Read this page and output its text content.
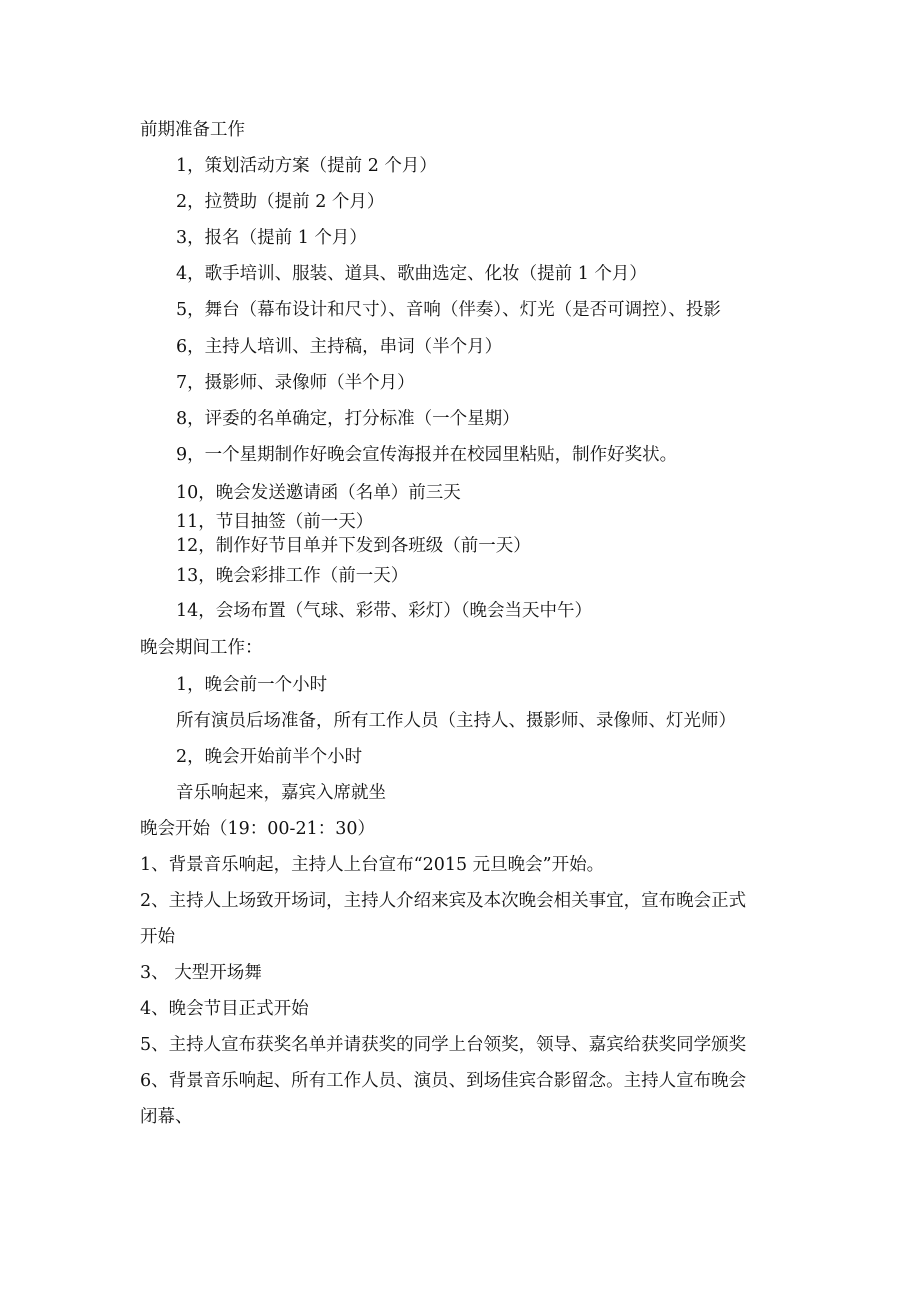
前期准备工作
1，策划活动方案（提前 2 个月）
2，拉赞助（提前 2 个月）
3，报名（提前 1 个月）
4，歌手培训、服装、道具、歌曲选定、化妆（提前 1 个月）
5，舞台（幕布设计和尺寸）、音响（伴奏）、灯光（是否可调控）、投影
6，主持人培训、主持稿，串词（半个月）
7，摄影师、录像师（半个月）
8，评委的名单确定，打分标准（一个星期）
9，一个星期制作好晚会宣传海报并在校园里粘贴，制作好奖状。
10，晚会发送邀请函（名单）前三天
11，节目抽签（前一天）
12，制作好节目单并下发到各班级（前一天）
13，晚会彩排工作（前一天）
14，会场布置（气球、彩带、彩灯）（晚会当天中午）
晚会期间工作：
1，晚会前一个小时
所有演员后场准备，所有工作人员（主持人、摄影师、录像师、灯光师）
2，晚会开始前半个小时
音乐响起来，嘉宾入席就坐
晚会开始（19：00-21：30）
1、背景音乐响起，主持人上台宣布“2015 元旦晚会”开始。
2、主持人上场致开场词，主持人介绍来宾及本次晚会相关事宜，宣布晚会正式
开始
3、 大型开场舞
4、晚会节目正式开始
5、主持人宣布获奖名单并请获奖的同学上台领奖，领导、嘉宾给获奖同学颁奖
6、背景音乐响起、所有工作人员、演员、到场佳宾合影留念。主持人宣布晚会
闭幕、
